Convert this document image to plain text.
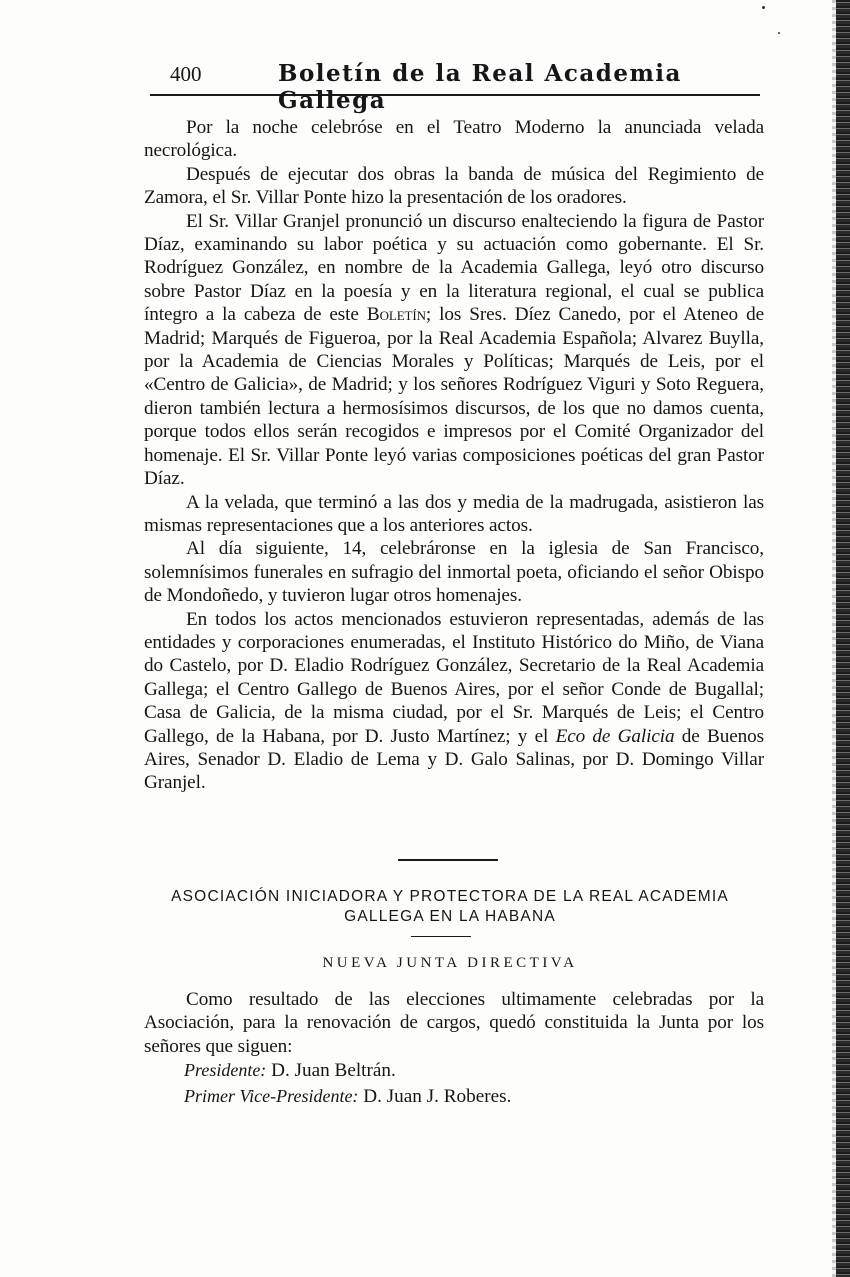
400	Boletín de la Real Academia Gallega

Por la noche celebróse en el Teatro Moderno la anunciada velada necrológica.

Después de ejecutar dos obras la banda de música del Regimiento de Zamora, el Sr. Villar Ponte hizo la presentación de los oradores.

El Sr. Villar Granjel pronunció un discurso enalteciendo la figura de Pastor Díaz, examinando su labor poética y su actuación como gobernante. El Sr. Rodríguez González, en nombre de la Academia Gallega, leyó otro discurso sobre Pastor Díaz en la poesía y en la literatura regional, el cual se publica íntegro a la cabeza de este Boletín; los Sres. Díez Canedo, por el Ateneo de Madrid; Marqués de Figueroa, por la Real Academia Española; Alvarez Buylla, por la Academia de Ciencias Morales y Políticas; Marqués de Leis, por el «Centro de Galicia», de Madrid; y los señores Rodríguez Viguri y Soto Reguera, dieron también lectura a hermosísimos discursos, de los que no damos cuenta, porque todos ellos serán recogidos e impresos por el Comité Organizador del homenaje. El Sr. Villar Ponte leyó varias composiciones poéticas del gran Pastor Díaz.

A la velada, que terminó a las dos y media de la madrugada, asistieron las mismas representaciones que a los anteriores actos.

Al día siguiente, 14, celebráronse en la iglesia de San Francisco, solemnísimos funerales en sufragio del inmortal poeta, oficiando el señor Obispo de Mondoñedo, y tuvieron lugar otros homenajes.

En todos los actos mencionados estuvieron representadas, además de las entidades y corporaciones enumeradas, el Instituto Histórico do Miño, de Viana do Castelo, por D. Eladio Rodríguez González, Secretario de la Real Academia Gallega; el Centro Gallego de Buenos Aires, por el señor Conde de Bugallal; Casa de Galicia, de la misma ciudad, por el Sr. Marqués de Leis; el Centro Gallego, de la Habana, por D. Justo Martínez; y el Eco de Galicia de Buenos Aires, Senador D. Eladio de Lema y D. Galo Salinas, por D. Domingo Villar Granjel.

ASOCIACIÓN INICIADORA Y PROTECTORA DE LA REAL ACADEMIA
GALLEGA EN LA HABANA
NUEVA JUNTA DIRECTIVA

Como resultado de las elecciones ultimamente celebradas por la Asociación, para la renovación de cargos, quedó constituida la Junta por los señores que siguen:

Presidente: D. Juan Beltrán.

Primer Vice-Presidente: D. Juan J. Roberes.
